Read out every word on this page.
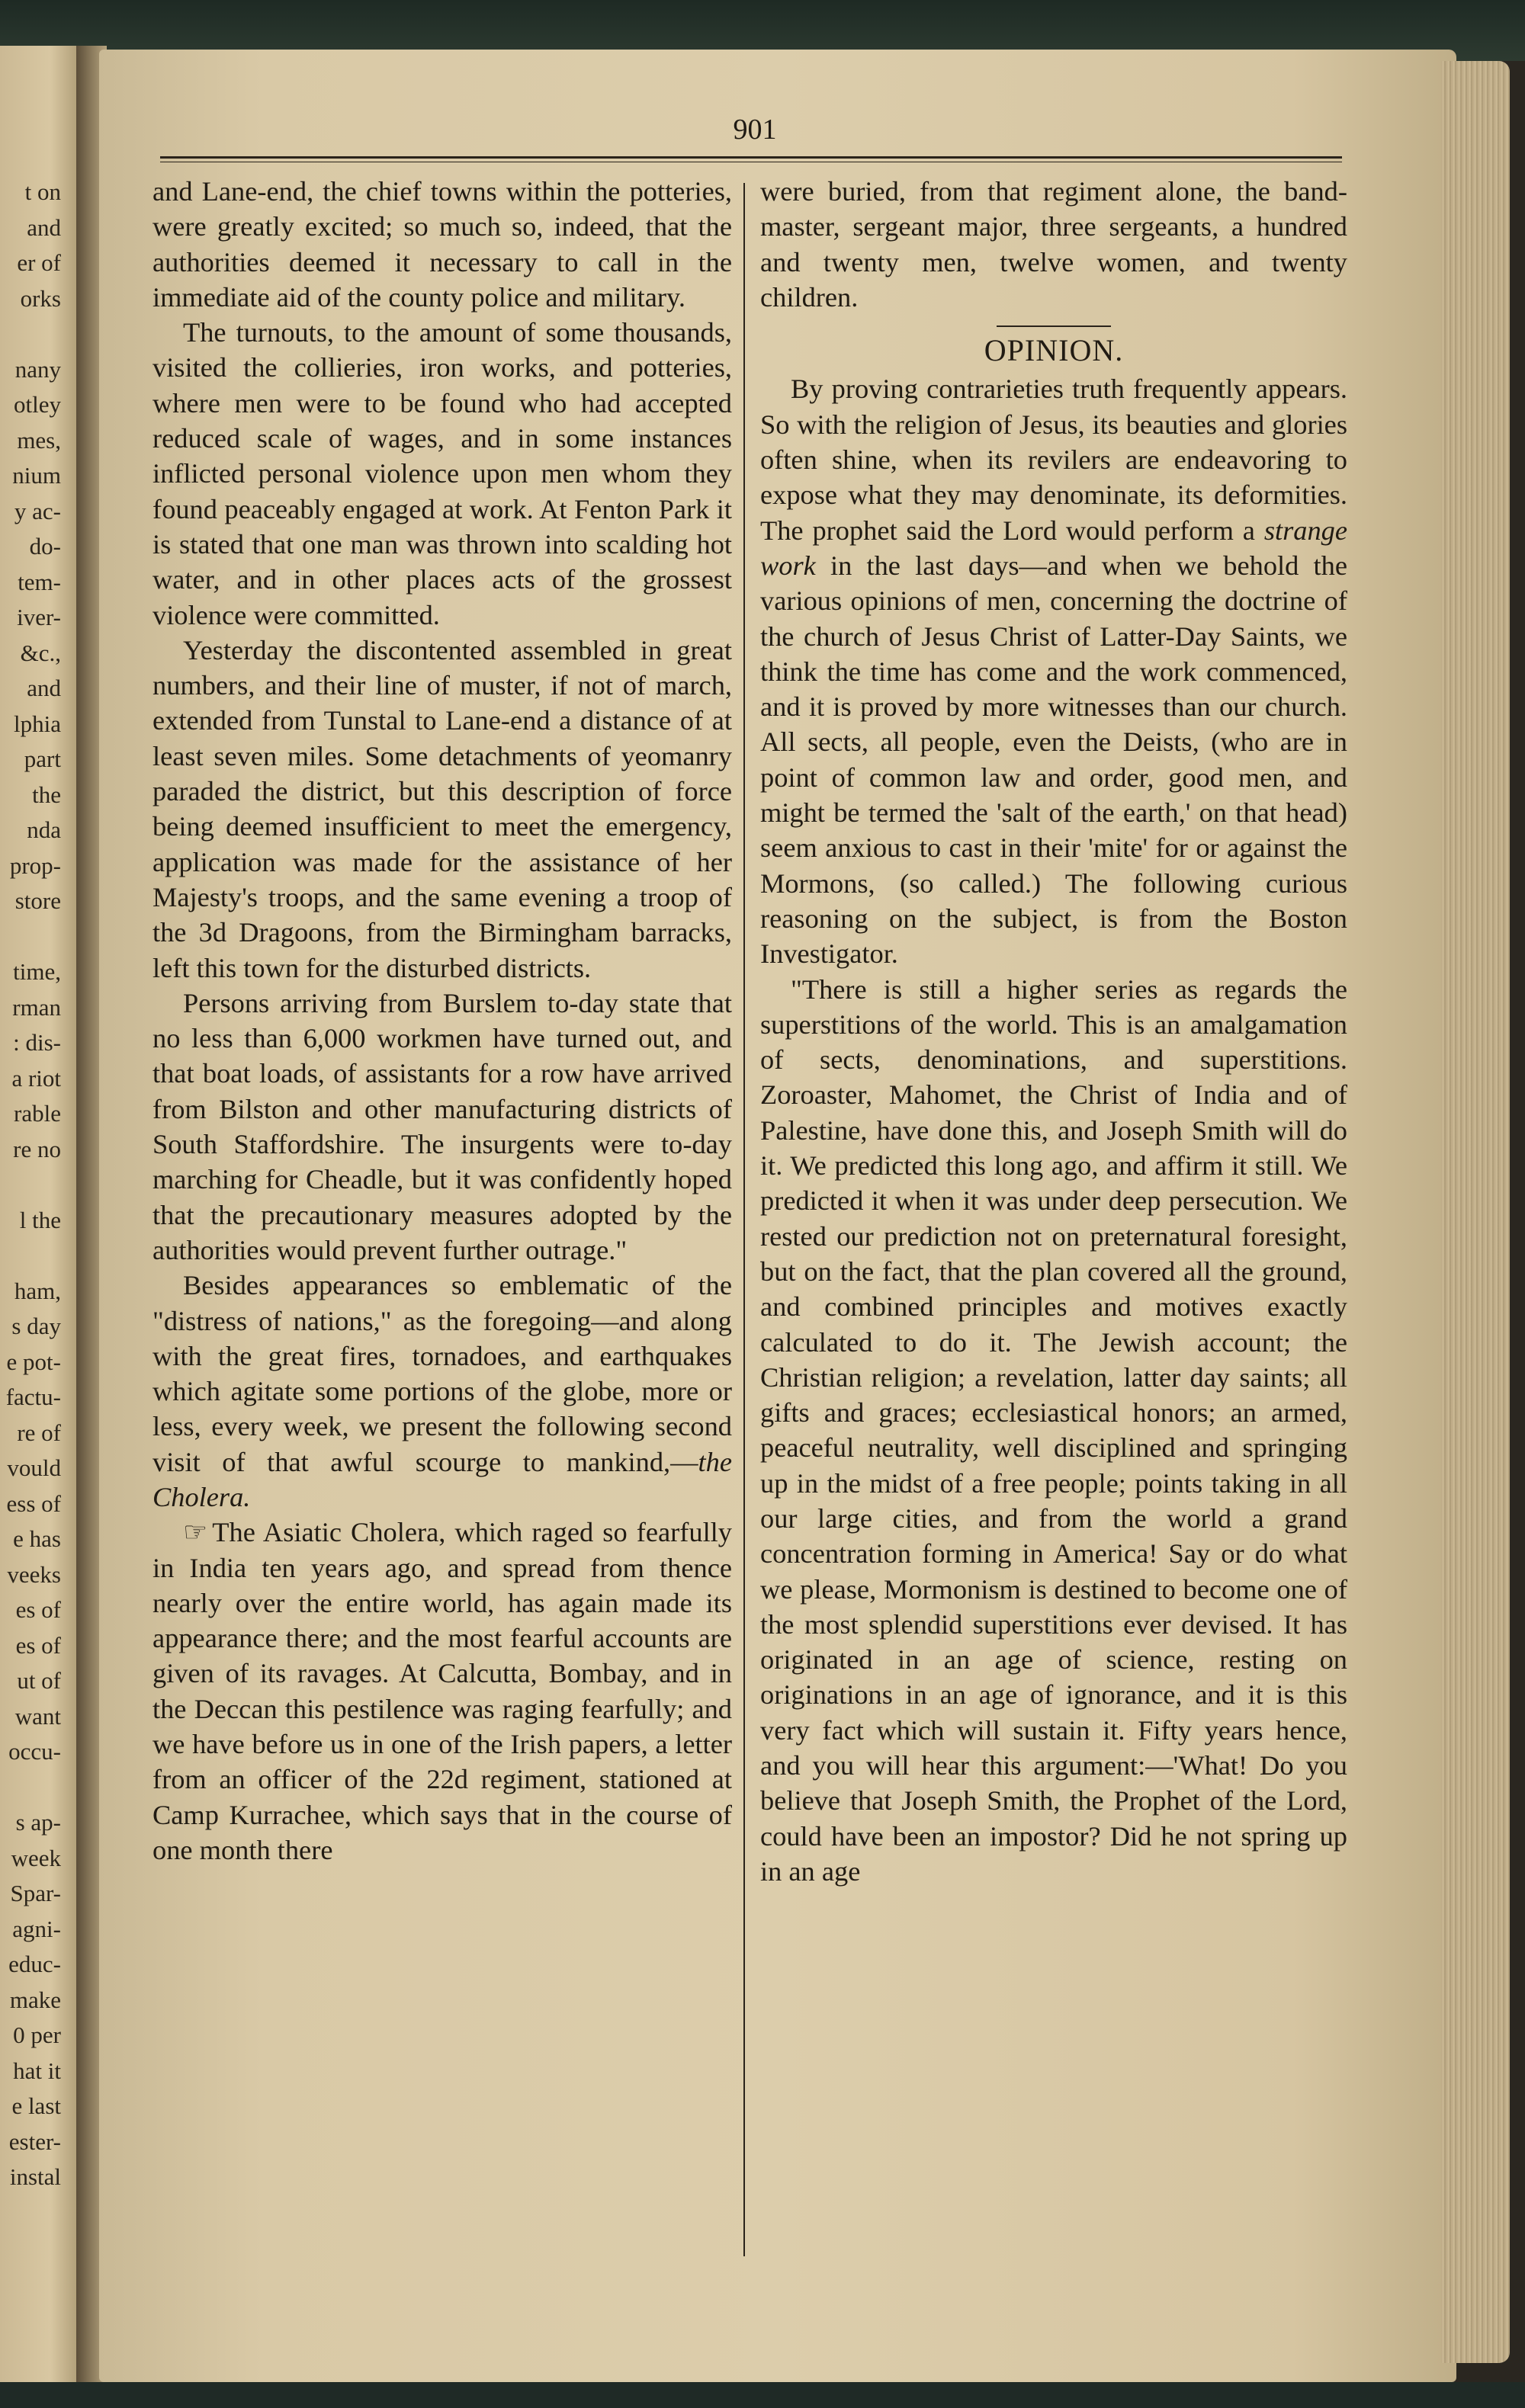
t on
and
er of
orks
nany
otley
mes,
nium
y ac-
do-
tem-
iver-
&c.,
and
lphia
part
the
nda
prop-
store
time,
rman
: dis-
a riot
rable
re no
l the
ham,
s day
e pot-
factu-
re of
vould
ess of
e has
veeks
es of
es of
ut of
want
occu-
s ap-
week
Spar-
agni-
educ-
make
0 per
hat it
e last
ester-
instal
901

and Lane-end, the chief towns within the potteries, were greatly excited; so much so, indeed, that the authorities deemed it necessary to call in the immediate aid of the county police and military.

The turnouts, to the amount of some thousands, visited the collieries, iron works, and potteries, where men were to be found who had accepted reduced scale of wages, and in some instances inflicted personal violence upon men whom they found peaceably engaged at work. At Fenton Park it is stated that one man was thrown into scalding hot water, and in other places acts of the grossest violence were committed.

Yesterday the discontented assembled in great numbers, and their line of muster, if not of march, extended from Tunstal to Lane-end a distance of at least seven miles. Some detachments of yeomanry paraded the district, but this description of force being deemed insufficient to meet the emergency, application was made for the assistance of her Majesty's troops, and the same evening a troop of the 3d Dragoons, from the Birmingham barracks, left this town for the disturbed districts.

Persons arriving from Burslem to-day state that no less than 6,000 workmen have turned out, and that boat loads, of assistants for a row have arrived from Bilston and other manufacturing districts of South Staffordshire. The insurgents were to-day marching for Cheadle, but it was confidently hoped that the precautionary measures adopted by the authorities would prevent further outrage."

Besides appearances so emblematic of the "distress of nations," as the foregoing—and along with the great fires, tornadoes, and earthquakes which agitate some portions of the globe, more or less, every week, we present the following second visit of that awful scourge to mankind,—the Cholera.

☞ The Asiatic Cholera, which raged so fearfully in India ten years ago, and spread from thence nearly over the entire world, has again made its appearance there; and the most fearful accounts are given of its ravages. At Calcutta, Bombay, and in the Deccan this pestilence was raging fearfully; and we have before us in one of the Irish papers, a letter from an officer of the 22d regiment, stationed at Camp Kurrachee, which says that in the course of one month there

were buried, from that regiment alone, the band-master, sergeant major, three sergeants, a hundred and twenty men, twelve women, and twenty children.

OPINION.

By proving contrarieties truth frequently appears. So with the religion of Jesus, its beauties and glories often shine, when its revilers are endeavoring to expose what they may denominate, its deformities. The prophet said the Lord would perform a strange work in the last days—and when we behold the various opinions of men, concerning the doctrine of the church of Jesus Christ of Latter-Day Saints, we think the time has come and the work commenced, and it is proved by more witnesses than our church. All sects, all people, even the Deists, (who are in point of common law and order, good men, and might be termed the 'salt of the earth,' on that head) seem anxious to cast in their 'mite' for or against the Mormons, (so called.) The following curious reasoning on the subject, is from the Boston Investigator.

"There is still a higher series as regards the superstitions of the world. This is an amalgamation of sects, denominations, and superstitions. Zoroaster, Mahomet, the Christ of India and of Palestine, have done this, and Joseph Smith will do it. We predicted this long ago, and affirm it still. We predicted it when it was under deep persecution. We rested our prediction not on preternatural foresight, but on the fact, that the plan covered all the ground, and combined principles and motives exactly calculated to do it. The Jewish account; the Christian religion; a revelation, latter day saints; all gifts and graces; ecclesiastical honors; an armed, peaceful neutrality, well disciplined and springing up in the midst of a free people; points taking in all our large cities, and from the world a grand concentration forming in America! Say or do what we please, Mormonism is destined to become one of the most splendid superstitions ever devised. It has originated in an age of science, resting on originations in an age of ignorance, and it is this very fact which will sustain it. Fifty years hence, and you will hear this argument:—'What! Do you believe that Joseph Smith, the Prophet of the Lord, could have been an impostor? Did he not spring up in an age
